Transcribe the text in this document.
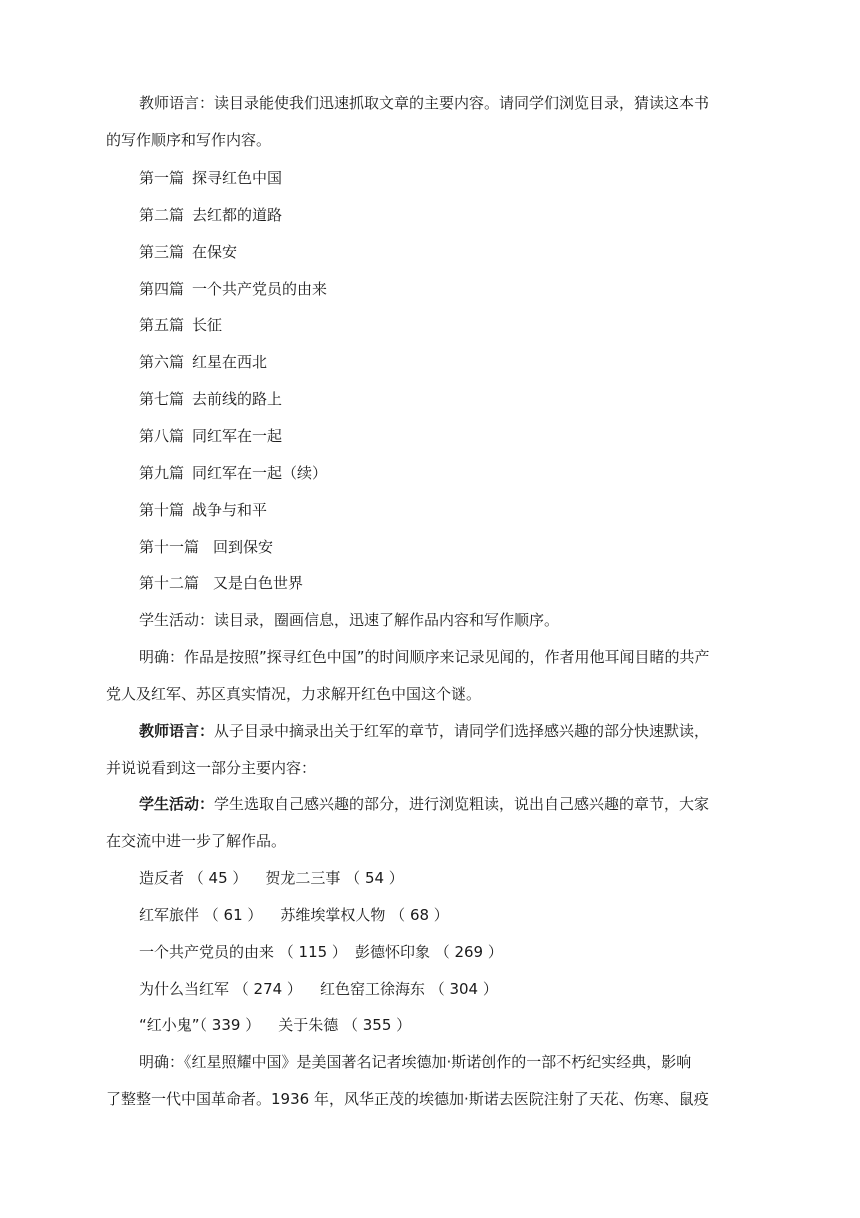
教师语言：读目录能使我们迅速抓取文章的主要内容。请同学们浏览目录，猜读这本书
的写作顺序和写作内容。
第一篇 探寻红色中国
第二篇 去红都的道路
第三篇 在保安
第四篇 一个共产党员的由来
第五篇 长征
第六篇 红星在西北
第七篇 去前线的路上
第八篇 同红军在一起
第九篇 同红军在一起（续）
第十篇 战争与和平
第十一篇 回到保安
第十二篇 又是白色世界
学生活动：读目录，圈画信息，迅速了解作品内容和写作顺序。
明确：作品是按照”探寻红色中国”的时间顺序来记录见闻的，作者用他耳闻目睹的共产
党人及红军、苏区真实情况，力求解开红色中国这个谜。
教师语言：从子目录中摘录出关于红军的章节，请同学们选择感兴趣的部分快速默读，
并说说看到这一部分主要内容：
学生活动：学生选取自己感兴趣的部分，进行浏览粗读，说出自己感兴趣的章节，大家
在交流中进一步了解作品。
造反者 （ 45 ） 贺龙二三事 （ 54 ）
红军旅伴 （ 61 ） 苏维埃掌权人物 （ 68 ）
一个共产党员的由来 （ 115 ） 彭德怀印象 （ 269 ）
为什么当红军 （ 274 ） 红色窑工徐海东 （ 304 ）
“红小鬼”（ 339 ） 关于朱德 （ 355 ）
明确：《红星照耀中国》是美国著名记者埃德加·斯诺创作的一部不朽纪实经典，影响
了整整一代中国革命者。1936 年，风华正茂的埃德加·斯诺去医院注射了天花、伤寒、鼠疫
